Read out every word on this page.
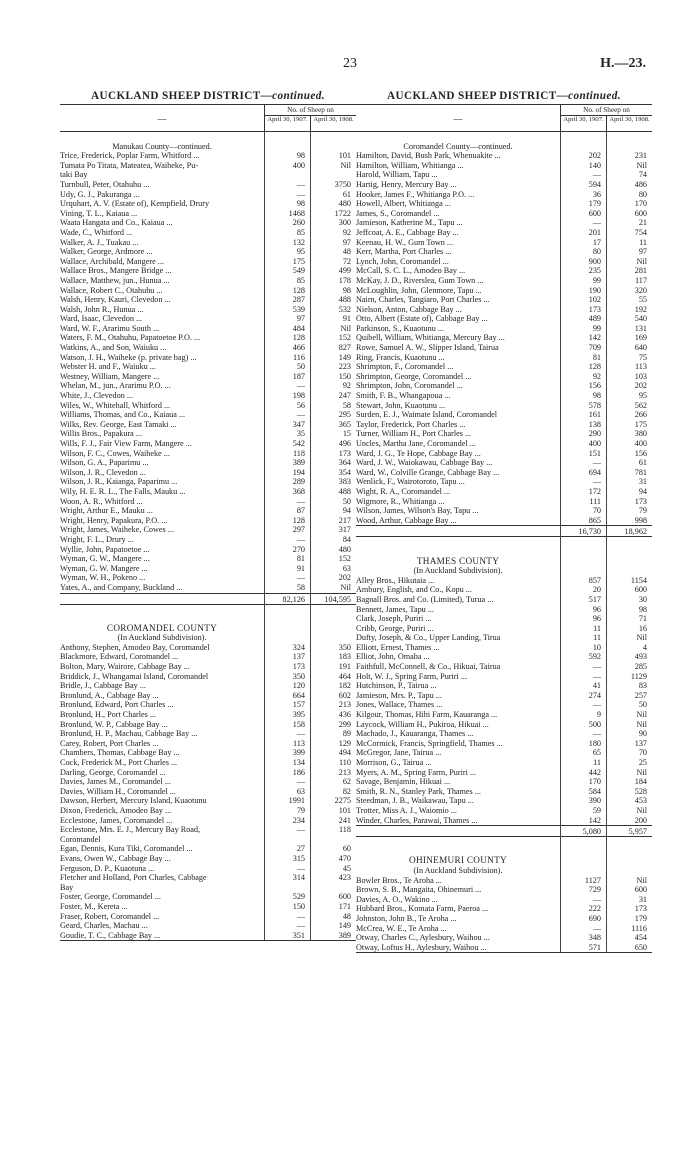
23	H.—23.
AUCKLAND SHEEP DISTRICT—continued.
—
No. of Sheep on
April 30, 1907. April 30, 1908.
Manukau County—continued.
Trice, Frederick, Poplar Farm, Whitford ...	98	101
Tumata Po Titata, Mateatea, Waiheke, Pu-	400	Nil
taki Bay
Turnbull, Peter, Otahuhu ...	—	3750
Udy, G. J., Pakuranga ...	—	61
Urquhart, A. V. (Estate of), Kempfield, Drury	98	480
Vining, T. L., Kaiaua ...	1468	1722
Waata Hangata and Co., Kaiaua ...	260	300
Wade, C., Whitford ...	85	92
Walker, A. J., Tuakau ...	132	97
Walker, George, Ardmore ...	95	48
Wallace, Archibald, Mangere ...	175	72
Wallace Bros., Mangere Bridge ...	549	499
Wallace, Matthew, jun., Hunua ...	85	178
Wallace, Robert C., Otahuhu ...	128	98
Walsh, Henry, Kauri, Clevedon ...	287	488
Walsh, John R., Hunua ...	539	532
Ward, Isaac, Clevedon ...	97	91
Ward, W. F., Ararimu South ...	484	Nil
Waters, F. M., Otahuhu, Papatoetoe P.O. ...	128	152
Watkins, A., and Son, Waiuku ...	466	827
Watson, J. H., Waiheke (p. private bag) ...	116	149
Webster H. and F., Waiuku ...	50	223
Westney, William, Mangere ...	187	150
Whelan, M., jun., Ararimu P.O. ...	—	92
White, J., Clevedon ...	198	247
Wiles, W., Whitehall, Whitford ...	56	58
Williams, Thomas, and Co., Kaiaua ...	—	295
Wilks, Rev. George, East Tamaki ...	347	365
Willis Bros., Papakura ...	35	15
Wills, F. J., Fair View Farm, Mangere ...	542	496
Wilson, F. C., Cowes, Waiheke ...	118	173
Wilson, G. A., Paparimu ...	389	364
Wilson, J. R., Clevedon ...	194	354
Wilson, J. R., Kaianga, Paparimu ...	289	383
Wily, H. E. R. L., The Falls, Mauku ...	368	488
Woon, A. R., Whitford ...	—	50
Wright, Arthur E., Mauku ...	87	94
Wright, Henry, Papakura, P.O. ...	128	217
Wright, James, Waiheke, Cowes ...	297	317
Wright, F. L., Drury ...	—	84
Wyllie, John, Papatoetoe ...	270	480
Wyman, G. W., Mangere ...	81	152
Wyman, G. W. Mangere ...	91	63
Wyman, W. H., Pokeno ...	—	202
Yates, A., and Company, Buckland ...	58	Nil
82,126	104,595
COROMANDEL COUNTY
(In Auckland Subdivision).
Anthony, Stephen, Amodeo Bay, Coromandel	324	350
Blackmore, Edward, Coromandel ...	137	183
Bolton, Mary, Wairore, Cabbage Bay ...	173	191
Briddick, J., Whangamai Island, Coromandel	350	464
Bridle, J., Cabbage Bay ...	120	182
Bronlund, A., Cabbage Bay ...	664	602
Bronlund, Edward, Port Charles ...	157	213
Bronlund, H., Port Charles ...	395	436
Bronlund, W. P., Cabbage Bay ...	158	299
Bronlund, H. P., Machau, Cabbage Bay ...	—	89
Carey, Robert, Port Charles ...	113	129
Chambers, Thomas, Cabbage Bay ...	399	494
Cock, Frederick M., Port Charles ...	134	110
Darling, George, Coromandel ...	186	213
Davies, James M., Coromandel ...	—	62
Davies, William H., Coromandel ...	63	82
Dawson, Herbert, Mercury Island, Kuaotunu	1991	2275
Dixon, Frederick, Amodeo Bay ...	79	101
Ecclestone, James, Coromandel ...	234	241
Ecclestone, Mrs. E. J., Mercury Bay Road,	—	118
Coromandel
Egan, Dennis, Kura Tiki, Coromandel ...	27	60
Evans, Owen W., Cabbage Bay ...	315	470
Ferguson, D. P., Kuaotuna ...	—	45
Fletcher and Holland, Port Charles, Cabbage	314	423
Bay
Foster, George, Coromandel ...	529	600
Foster, M., Kereta ...	150	171
Fraser, Robert, Coromandel ...	—	48
Geard, Charles, Machau ...	—	149
Goudie, T. C., Cabbage Bay ...	351	389
AUCKLAND SHEEP DISTRICT—continued.
—
No. of Sheep on
April 30, 1907. April 30, 1908.
Coromandel County—continued.
Hamilton, David, Bush Park, Whenuakite ...	202	231
Hamilton, William, Whitianga ...	140	Nil
Harold, William, Tapu ...	—	74
Hartig, Henry, Mercury Bay ...	594	486
Hooker, James F., Whitianga P.O. ...	36	80
Howell, Albert, Whitianga ...	179	170
James, S., Coromandel ...	600	600
Jamieson, Katherine M., Tapu ...	—	21
Jeffcoat, A. E., Cabbage Bay ...	201	754
Keenau, H. W., Gum Town ...	17	11
Kerr, Martha, Port Charles ...	80	97
Lynch, John, Coromandel ...	900	Nil
McCall, S. C. L., Amodeo Bay ...	235	281
McKay, J. D., Riverslea, Gum Town ...	99	117
McLoughlin, John, Glenmore, Tapu ...	190	320
Nairn, Charles, Tangiaro, Port Charles ...	102	55
Nielson, Anton, Cabbage Bay ...	173	192
Otto, Albert (Estate of), Cabbage Bay ...	489	540
Parkinson, S., Kuaotunu ...	99	131
Quibell, William, Whitianga, Mercury Bay ...	142	169
Rowe, Samuel A. W., Slipper Island, Tairua	709	640
Ring, Francis, Kuaotunu ...	81	75
Shrimpton, F., Coromandel ...	128	113
Shrimpton, George, Coromandel ...	92	103
Shrimpton, John, Coromandel ...	156	202
Smith, F. B., Whangapoua ...	98	95
Stewart, John, Kuaotunu ...	578	562
Surden, E. J., Waimate Island, Coromandel	161	266
Taylor, Frederick, Port Charles ...	138	175
Turner, William H., Port Charles ...	290	380
Uncles, Martha Jane, Coromandel ...	400	400
Ward, J. G., Te Hope, Cabbage Bay ...	151	156
Ward, J. W., Waiokawau, Cabbage Bay ...	—	61
Ward, W., Colville Grange, Cabbage Bay ...	694	781
Wenlick, F., Wairotoroto, Tapu ...	—	31
Wight, R. A., Coromandel ...	172	94
Wigmore, R., Whitianga ...	111	173
Wilson, James, Wilson's Bay, Tapu ...	70	79
Wood, Arthur, Cabbage Bay ...	865	998
16,730	18,962
THAMES COUNTY
(In Auckland Subdivision).
Alley Bros., Hikutaia ...	857	1154
Ambury, English, and Co., Kopu ...	20	600
Bagnall Bros. and Co. (Limited), Turua ...	517	30
Bennett, James, Tapu ...	96	98
Clark, Joseph, Puriri ...	96	71
Cribb, George, Puriri ...	11	16
Dufty, Joseph, & Co., Upper Landing, Tirua	11	Nil
Elliott, Ernest, Thames ...	10	4
Elliot, John, Omaha ...	592	493
Faithfull, McConnell, & Co., Hikuai, Tairua	—	285
Holt, W. J., Spring Farm, Puriri ...	—	1129
Hutchinson, P., Tairua ...	41	83
Jamieson, Mrs. P., Tapu ...	274	257
Jones, Wallace, Thames ...	—	50
Kilgour, Thomas, Hihi Farm, Kauaranga ...	9	Nil
Laycock, William H., Pukiroa, Hikuai ...	500	Nil
Machado, J., Kauaranga, Thames ...	—	90
McCormick, Francis, Springfield, Thames ...	180	137
McGregor, Jane, Tairua ...	65	70
Morrison, G., Tairua ...	11	25
Myers, A. M., Spring Farm, Puriri ...	442	Nil
Savage, Benjamin, Hikuai ...	170	184
Smith, R. N., Stanley Park, Thames ...	584	528
Steedman, J. B., Waikawau, Tapu ...	390	453
Trotter, Miss A. J., Waiomio ...	59	Nil
Winder, Charles, Parawai, Thames ...	142	200
5,080	5,957
OHINEMURI COUNTY
(In Auckland Subdivision).
Bowler Bros., Te Aroha ...	1127	Nil
Brown, S. B., Mangaita, Ohinemuri ...	729	600
Davies, A. O., Wakino ...	—	31
Hubbard Bros., Komata Farm, Paeroa ...	222	173
Johnston, John B., Te Aroha ...	690	179
McCrea, W. E., Te Aroha ...	—	1116
Otway, Charles C., Aylesbury, Waihou ...	348	454
Otway, Loftus H., Aylesbury, Waihou ...	571	650
